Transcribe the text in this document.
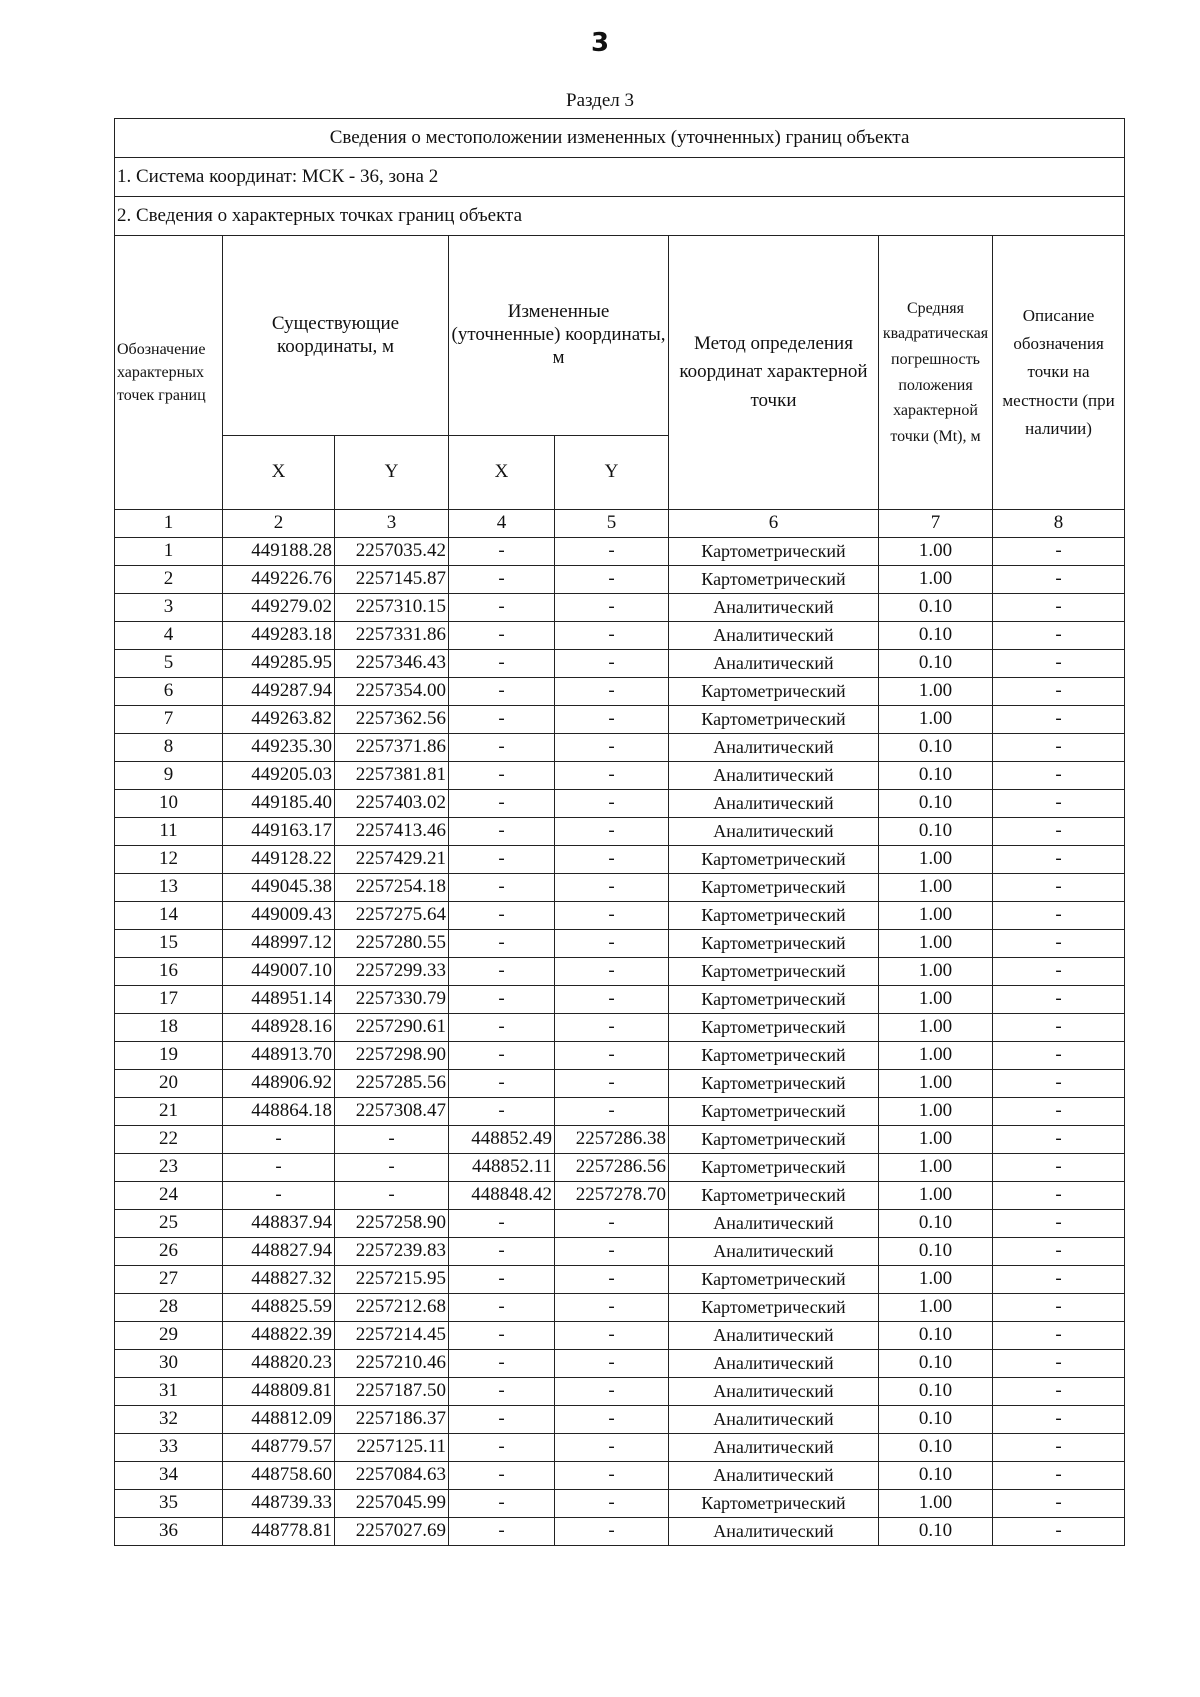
3
Раздел 3
Сведения о местоположении измененных (уточненных) границ объекта							
1. Система координат: МСК - 36, зона 2							
2. Сведения о характерных точках границ объекта							
Обозначение характерных точек границ	Существующие координаты, м		Измененные (уточненные) координаты, м		Метод определения координат характерной точки	Средняя квадратическая погрешность положения характерной точки (Mt), м	Описание обозначения точки на местности (при наличии)
	X	Y	X	Y			
1	2	3	4	5	6	7	8
1	449188.28	2257035.42	-	-	Картометрический	1.00	-
2	449226.76	2257145.87	-	-	Картометрический	1.00	-
3	449279.02	2257310.15	-	-	Аналитический	0.10	-
4	449283.18	2257331.86	-	-	Аналитический	0.10	-
5	449285.95	2257346.43	-	-	Аналитический	0.10	-
6	449287.94	2257354.00	-	-	Картометрический	1.00	-
7	449263.82	2257362.56	-	-	Картометрический	1.00	-
8	449235.30	2257371.86	-	-	Аналитический	0.10	-
9	449205.03	2257381.81	-	-	Аналитический	0.10	-
10	449185.40	2257403.02	-	-	Аналитический	0.10	-
11	449163.17	2257413.46	-	-	Аналитический	0.10	-
12	449128.22	2257429.21	-	-	Картометрический	1.00	-
13	449045.38	2257254.18	-	-	Картометрический	1.00	-
14	449009.43	2257275.64	-	-	Картометрический	1.00	-
15	448997.12	2257280.55	-	-	Картометрический	1.00	-
16	449007.10	2257299.33	-	-	Картометрический	1.00	-
17	448951.14	2257330.79	-	-	Картометрический	1.00	-
18	448928.16	2257290.61	-	-	Картометрический	1.00	-
19	448913.70	2257298.90	-	-	Картометрический	1.00	-
20	448906.92	2257285.56	-	-	Картометрический	1.00	-
21	448864.18	2257308.47	-	-	Картометрический	1.00	-
22	-	-	448852.49	2257286.38	Картометрический	1.00	-
23	-	-	448852.11	2257286.56	Картометрический	1.00	-
24	-	-	448848.42	2257278.70	Картометрический	1.00	-
25	448837.94	2257258.90	-	-	Аналитический	0.10	-
26	448827.94	2257239.83	-	-	Аналитический	0.10	-
27	448827.32	2257215.95	-	-	Картометрический	1.00	-
28	448825.59	2257212.68	-	-	Картометрический	1.00	-
29	448822.39	2257214.45	-	-	Аналитический	0.10	-
30	448820.23	2257210.46	-	-	Аналитический	0.10	-
31	448809.81	2257187.50	-	-	Аналитический	0.10	-
32	448812.09	2257186.37	-	-	Аналитический	0.10	-
33	448779.57	2257125.11	-	-	Аналитический	0.10	-
34	448758.60	2257084.63	-	-	Аналитический	0.10	-
35	448739.33	2257045.99	-	-	Картометрический	1.00	-
36	448778.81	2257027.69	-	-	Аналитический	0.10	-
